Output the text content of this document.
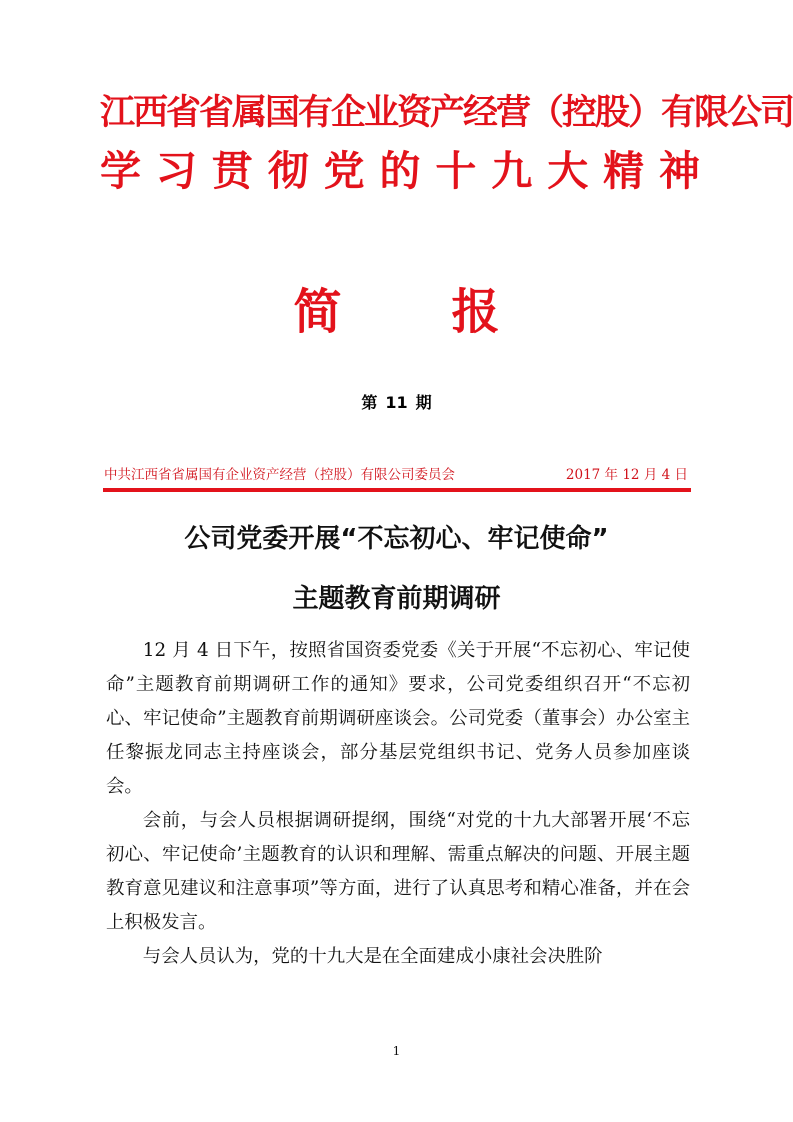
江西省省属国有企业资产经营（控股）有限公司
学习贯彻党的十九大精神
简报
第 11 期
中共江西省省属国有企业资产经营（控股）有限公司委员会	2017 年 12 月 4 日
公司党委开展“不忘初心、牢记使命”
主题教育前期调研

12 月 4 日下午，按照省国资委党委《关于开展“不忘初心、牢记使命”主题教育前期调研工作的通知》要求，公司党委组织召开“不忘初心、牢记使命”主题教育前期调研座谈会。公司党委（董事会）办公室主任黎振龙同志主持座谈会，部分基层党组织书记、党务人员参加座谈会。

会前，与会人员根据调研提纲，围绕“对党的十九大部署开展‘不忘初心、牢记使命’主题教育的认识和理解、需重点解决的问题、开展主题教育意见建议和注意事项”等方面，进行了认真思考和精心准备，并在会上积极发言。

与会人员认为，党的十九大是在全面建成小康社会决胜阶

1
